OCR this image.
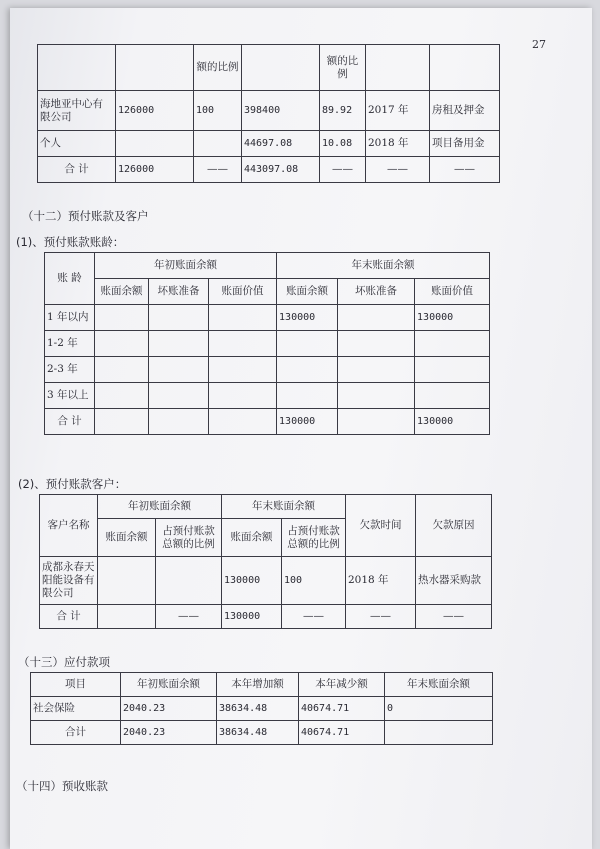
27
		额的比例		额的比例		
海地亚中心有限公司	126000	100	398400	89.92	2017 年	房租及押金
个人			44697.08	10.08	2018 年	项目备用金
合 计	126000	——	443097.08	——	——	——
（十二）预付账款及客户
(1)、预付账款账龄：
账 龄	年初账面余额			年末账面余额		
	账面余额	坏账准备	账面价值	账面余额	坏账准备	账面价值
1 年以内				130000		130000
1-2 年						
2-3 年						
3 年以上						
合 计				130000		130000
(2)、预付账款客户：
客户名称	年初账面余额		年末账面余额		欠款时间	欠款原因
	账面余额	占预付账款总额的比例	账面余额	占预付账款总额的比例		
成都永春天阳能设备有限公司			130000	100	2018 年	热水器采购款
合 计		——	130000	——	——	——
（十三）应付款项
项目	年初账面余额	本年增加额	本年减少额	年末账面余额
社会保险	2040.23	38634.48	40674.71	0
合计	2040.23	38634.48	40674.71	
（十四）预收账款
